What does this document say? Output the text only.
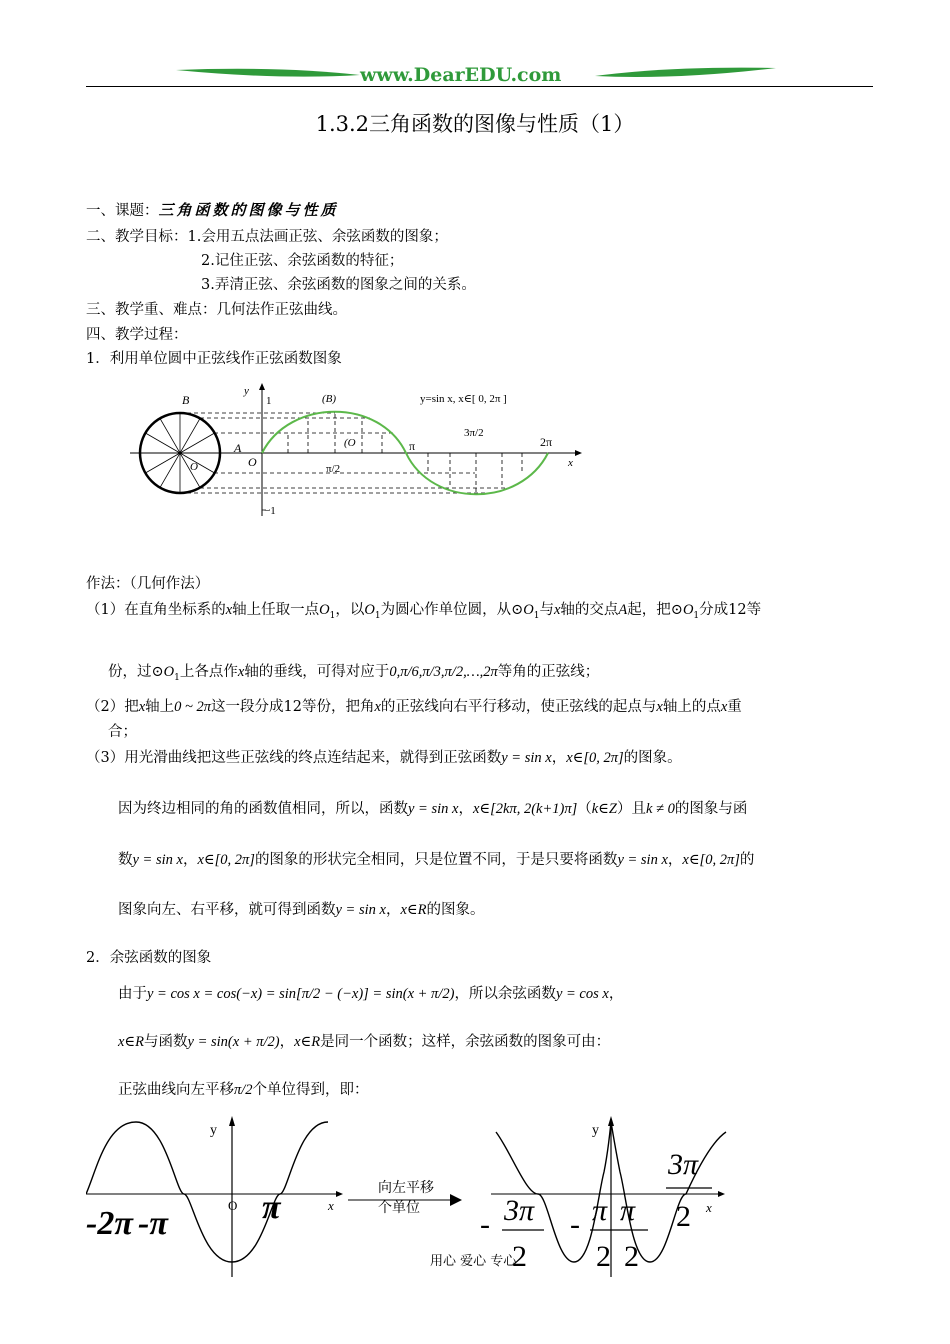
www.DearEDU.com
1.3.2三角函数的图像与性质（1）
一、课题：三角函数的图像与性质
二、教学目标：1.会用五点法画正弦、余弦函数的图象；
2.记住正弦、余弦函数的特征；
3.弄清正弦、余弦函数的图象之间的关系。
三、教学重、难点：几何法作正弦曲线。
四、教学过程：
1．利用单位圆中正弦线作正弦函数图象
B
A
O	O
y
1
−1
(B)
(O	π
π/2
3π/2
2π
x
y=sin x, x∈[ 0, 2π ]
作法：（几何作法）
（1）在直角坐标系的x轴上任取一点$O_1$，以$O_1$为圆心作单位圆，从$⊙O_1$与x轴的交点A起，把$⊙O_1$分成12等
份，过$⊙O_1$上各点作x轴的垂线，可得对应于0,π/6,π/3,π/2,…,2π等角的正弦线；
（2）把x轴上0 ~ 2π这一段分成12等份，把角x的正弦线向右平行移动，使正弦线的起点与x轴上的点x重
合；
（3）用光滑曲线把这些正弦线的终点连结起来，就得到正弦函数y = sin x，x∈[0, 2π]的图象。
因为终边相同的角的函数值相同，所以，函数y = sin x，x∈[2kπ, 2(k+1)π]（k∈Z）且k ≠ 0的图象与函
数y = sin x，x∈[0, 2π]的图象的形状完全相同，只是位置不同，于是只要将函数y = sin x，x∈[0, 2π]的
图象向左、右平移，就可得到函数y = sin x，x∈R的图象。
2．余弦函数的图象
由于y = cos x = cos(−x) = sin[π/2 − (−x)] = sin(x + π/2)，所以余弦函数y = cos x，
x∈R与函数y = sin(x + π/2)，x∈R是同一个函数；这样，余弦函数的图象可由：
正弦曲线向左平移π/2个单位得到，即：
y
x
O
-2π -π	π
向左平移
个单位
y
x
3π
2
- 3π
2
- π π
2 2
用心 爱心 专心
